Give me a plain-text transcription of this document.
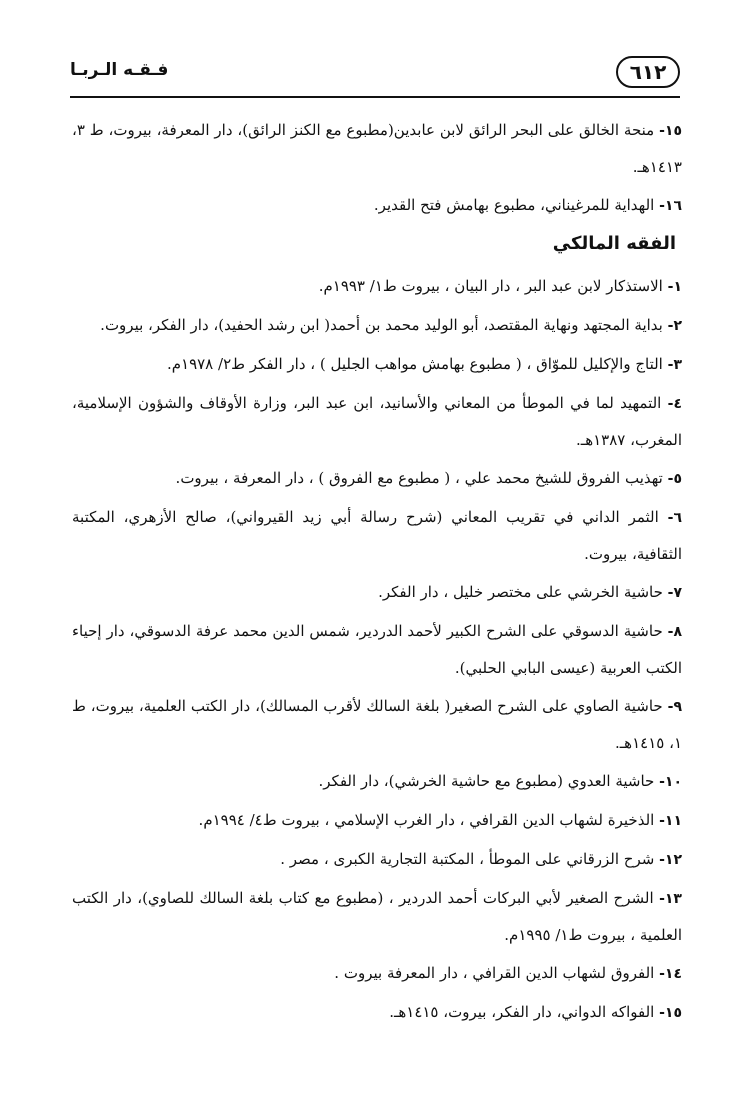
٦١٢
فـقـه الـربـا

١٥- منحة الخالق على البحر الرائق لابن عابدين(مطبوع مع الكنز الرائق)، دار المعرفة، بيروت، ط ٣، ١٤١٣هـ.

١٦- الهداية للمرغيناني، مطبوع بهامش فتح القدير.

الفقه المالكي

١- الاستذكار لابن عبد البر ، دار البيان ، بيروت ط١/ ١٩٩٣م.

٢- بداية المجتهد ونهاية المقتصد، أبو الوليد محمد بن أحمد( ابن رشد الحفيد)، دار الفكر، بيروت.

٣- التاج والإكليل للموّاق ، ( مطبوع بهامش مواهب الجليل ) ، دار الفكر ط٢/ ١٩٧٨م.

٤- التمهيد لما في الموطأ من المعاني والأسانيد، ابن عبد البر، وزارة الأوقاف والشؤون الإسلامية، المغرب، ١٣٨٧هـ.

٥- تهذيب الفروق للشيخ محمد علي ، ( مطبوع مع الفروق ) ، دار المعرفة ، بيروت.

٦- الثمر الداني في تقريب المعاني (شرح رسالة أبي زيد القيرواني)، صالح الأزهري، المكتبة الثقافية، بيروت.

٧- حاشية الخرشي على مختصر خليل ، دار الفكر.

٨- حاشية الدسوقي على الشرح الكبير لأحمد الدردير، شمس الدين محمد عرفة الدسوقي، دار إحياء الكتب العربية (عيسى البابي الحلبي).

٩- حاشية الصاوي على الشرح الصغير( بلغة السالك لأقرب المسالك)، دار الكتب العلمية، بيروت، ط ١، ١٤١٥هـ.

١٠- حاشية العدوي (مطبوع مع حاشية الخرشي)، دار الفكر.

١١- الذخيرة لشهاب الدين القرافي ، دار الغرب الإسلامي ، بيروت ط٤/ ١٩٩٤م.

١٢- شرح الزرقاني على الموطأ ، المكتبة التجارية الكبرى ، مصر .

١٣- الشرح الصغير لأبي البركات أحمد الدردير ، (مطبوع مع كتاب بلغة السالك للصاوي)، دار الكتب العلمية ، بيروت ط١/ ١٩٩٥م.

١٤- الفروق لشهاب الدين القرافي ، دار المعرفة بيروت .

١٥- الفواكه الدواني، دار الفكر، بيروت، ١٤١٥هـ.
